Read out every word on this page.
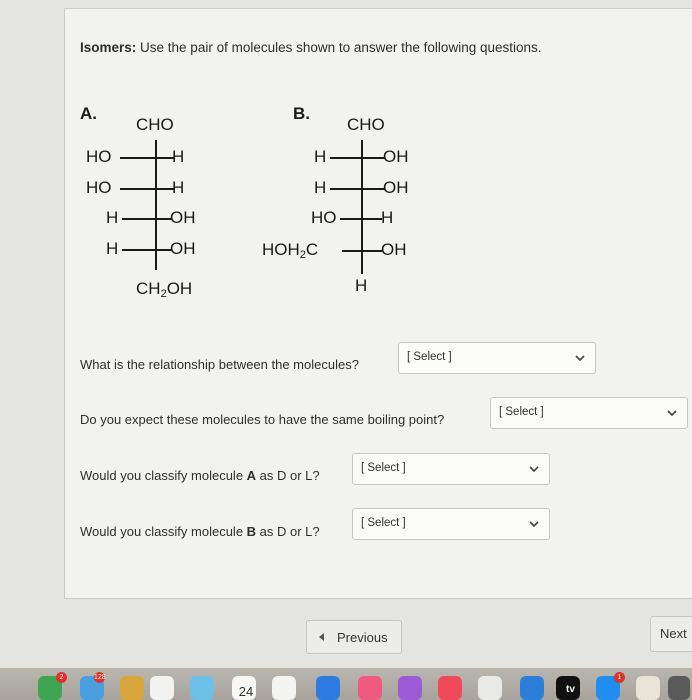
Isomers: Use the pair of molecules shown to answer the following questions.
A.
CHO
HO	H
HO	H
H	OH
H	OH
$CH_2OH$
B.
CHO
H	OH
H	OH
HO	H
$HOH_2C$	OH
H
What is the relationship between the molecules?	[ Select ]
Do you expect these molecules to have the same boiling point?	[ Select ]
Would you classify molecule A as D or L?	[ Select ]
Would you classify molecule B as D or L?
[ Select ]
Previous	Next
2	128
24	tv
1
